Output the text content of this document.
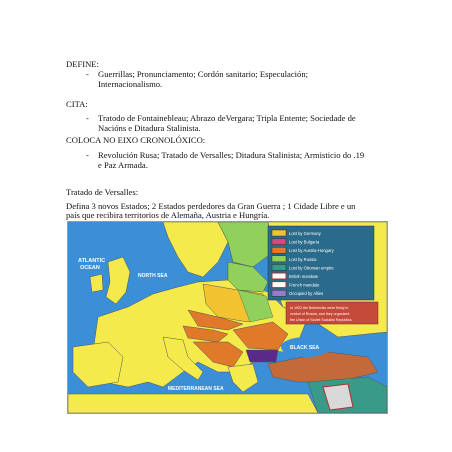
DEFINE:
- Guerrillas; Pronunciamento; Cordón sanitario; Especulación;
Internacionalismo.
CITA:
- Tratodo de Fontainebleau; Abrazo deVergara; Tripla Entente; Sociedade de
Nacións e Ditadura Stalinista.
COLOCA NO EIXO CRONOLÓXICO:
- Revolución Rusa; Tratado de Versalles; Ditadura Stalinista; Armisticio do .19
e Paz Armada.
Tratado de Versalles:
Defina 3 novos Estados; 2 Estados perdedores da Gran Guerra ; 1 Cidade Libre e un
país que recibira territorios de Alemaña, Austria e Hungría.
ATLANTIC
OCEAN
NORTH SEA
BLACK SEA
MEDITERRANEAN SEA
Lost by Germany
Lost by Bulgaria
Lost by Austria-Hungary
Lost by Russia
Lost by Ottoman empire
British mandate
French mandate
Occupied by Allies
In 1922 the Bolsheviks were firmly in
control of Russia, and they organized
the Union of Soviet Socialist Republics.
